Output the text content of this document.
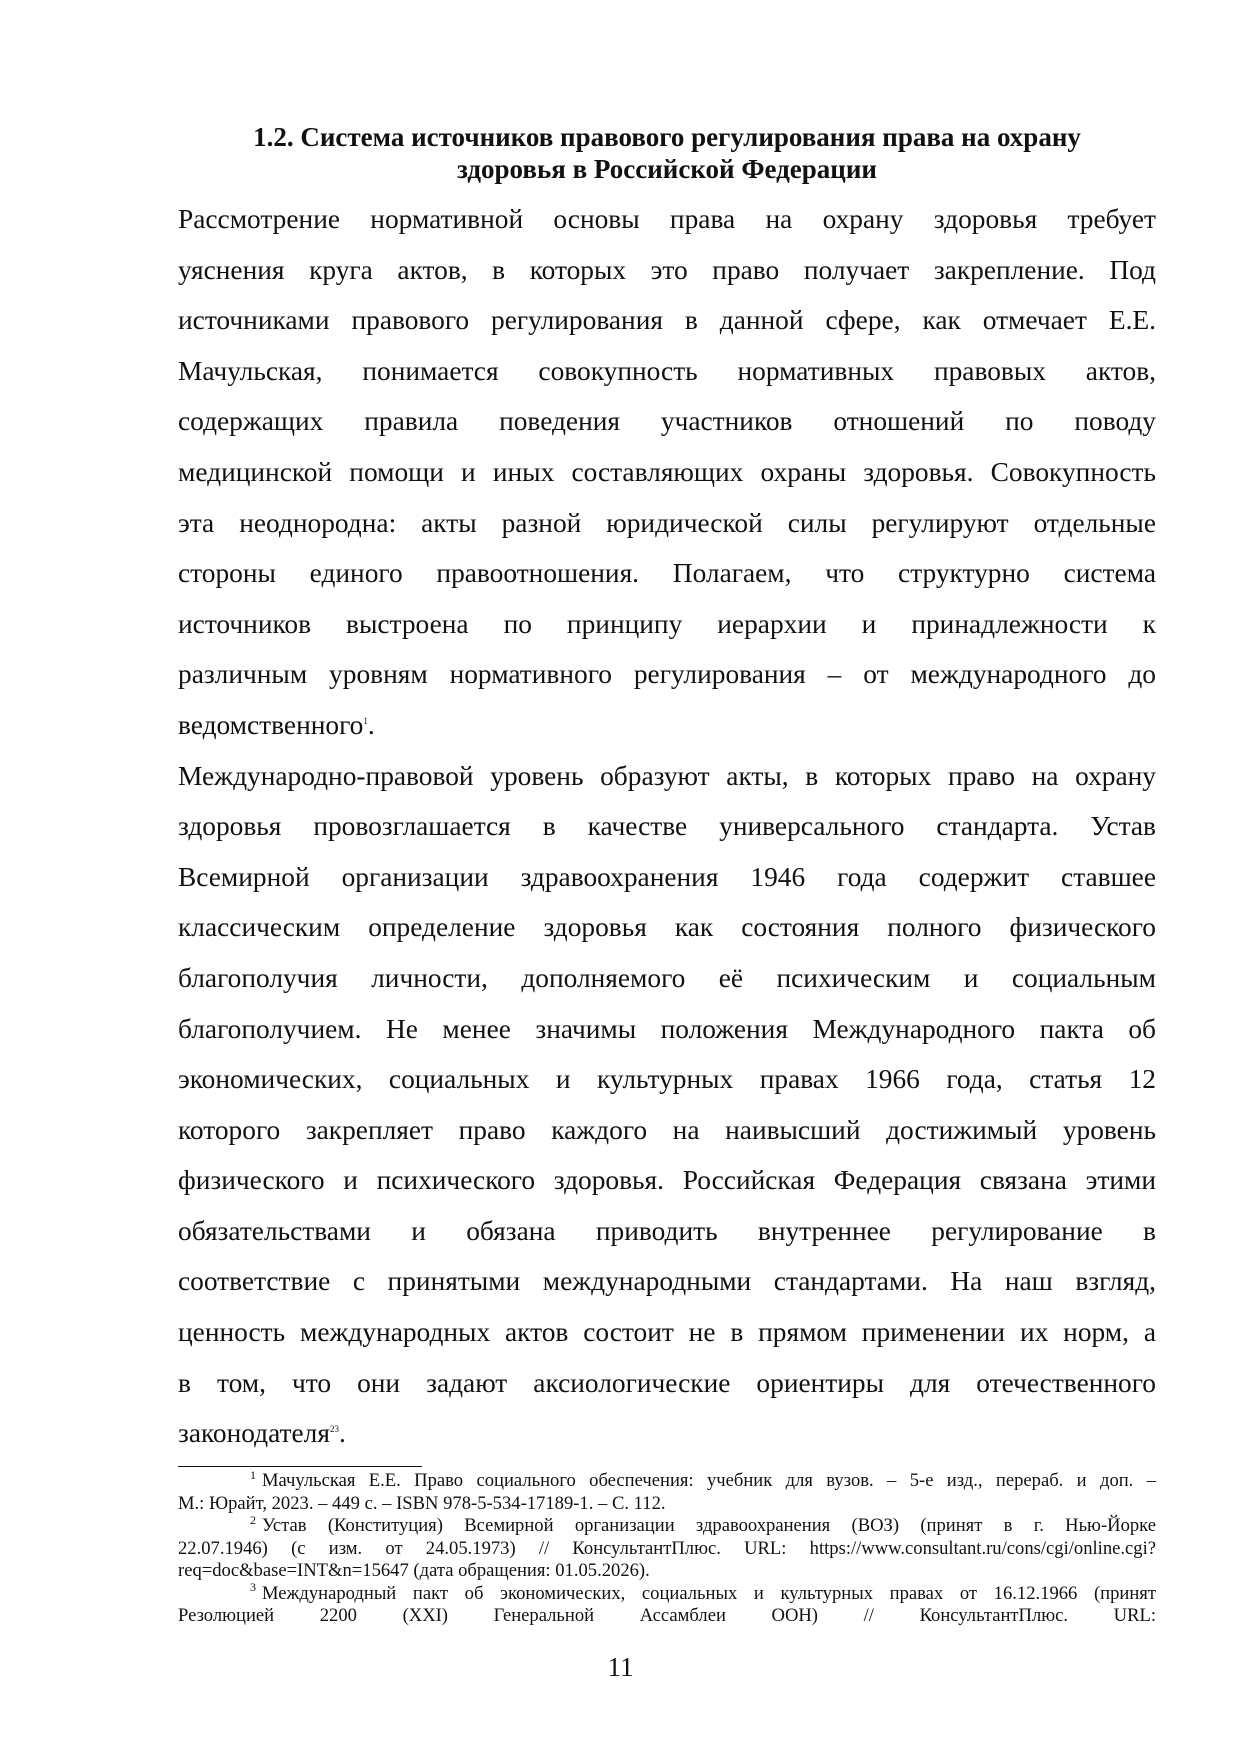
1.2. Система источников правового регулирования права на охрану
здоровья в Российской Федерации
Рассмотрение нормативной основы права на охрану здоровья требует
уяснения круга актов, в которых это право получает закрепление. Под
источниками правового регулирования в данной сфере, как отмечает Е.Е.
Мачульская, понимается совокупность нормативных правовых актов,
содержащих правила поведения участников отношений по поводу
медицинской помощи и иных составляющих охраны здоровья. Совокупность
эта неоднородна: акты разной юридической силы регулируют отдельные
стороны единого правоотношения. Полагаем, что структурно система
источников выстроена по принципу иерархии и принадлежности к
различным уровням нормативного регулирования – от международного до
ведомственного$^1$.
Международно-правовой уровень образуют акты, в которых право на охрану
здоровья провозглашается в качестве универсального стандарта. Устав
Всемирной организации здравоохранения 1946 года содержит ставшее
классическим определение здоровья как состояния полного физического
благополучия личности, дополняемого её психическим и социальным
благополучием. Не менее значимы положения Международного пакта об
экономических, социальных и культурных правах 1966 года, статья 12
которого закрепляет право каждого на наивысший достижимый уровень
физического и психического здоровья. Российская Федерация связана этими
обязательствами и обязана приводить внутреннее регулирование в
соответствие с принятыми международными стандартами. На наш взгляд,
ценность международных актов состоит не в прямом применении их норм, а
в том, что они задают аксиологические ориентиры для отечественного
законодателя$^{23}$.
$^1$ Мачульская Е.Е. Право социального обеспечения: учебник для вузов. – 5-е изд., перераб. и доп. –
М.: Юрайт, 2023. – 449 с. – ISBN 978-5-534-17189-1. – С. 112.
$^2$ Устав (Конституция) Всемирной организации здравоохранения (ВОЗ) (принят в г. Нью-Йорке
22.07.1946) (с изм. от 24.05.1973) // КонсультантПлюс. URL: https://www.consultant.ru/cons/cgi/online.cgi?
req=doc&base=INT&n=15647 (дата обращения: 01.05.2026).
$^3$ Международный пакт об экономических, социальных и культурных правах от 16.12.1966 (принят
Резолюцией 2200 (XXI) Генеральной Ассамблеи ООН) // КонсультантПлюс. URL:
11
